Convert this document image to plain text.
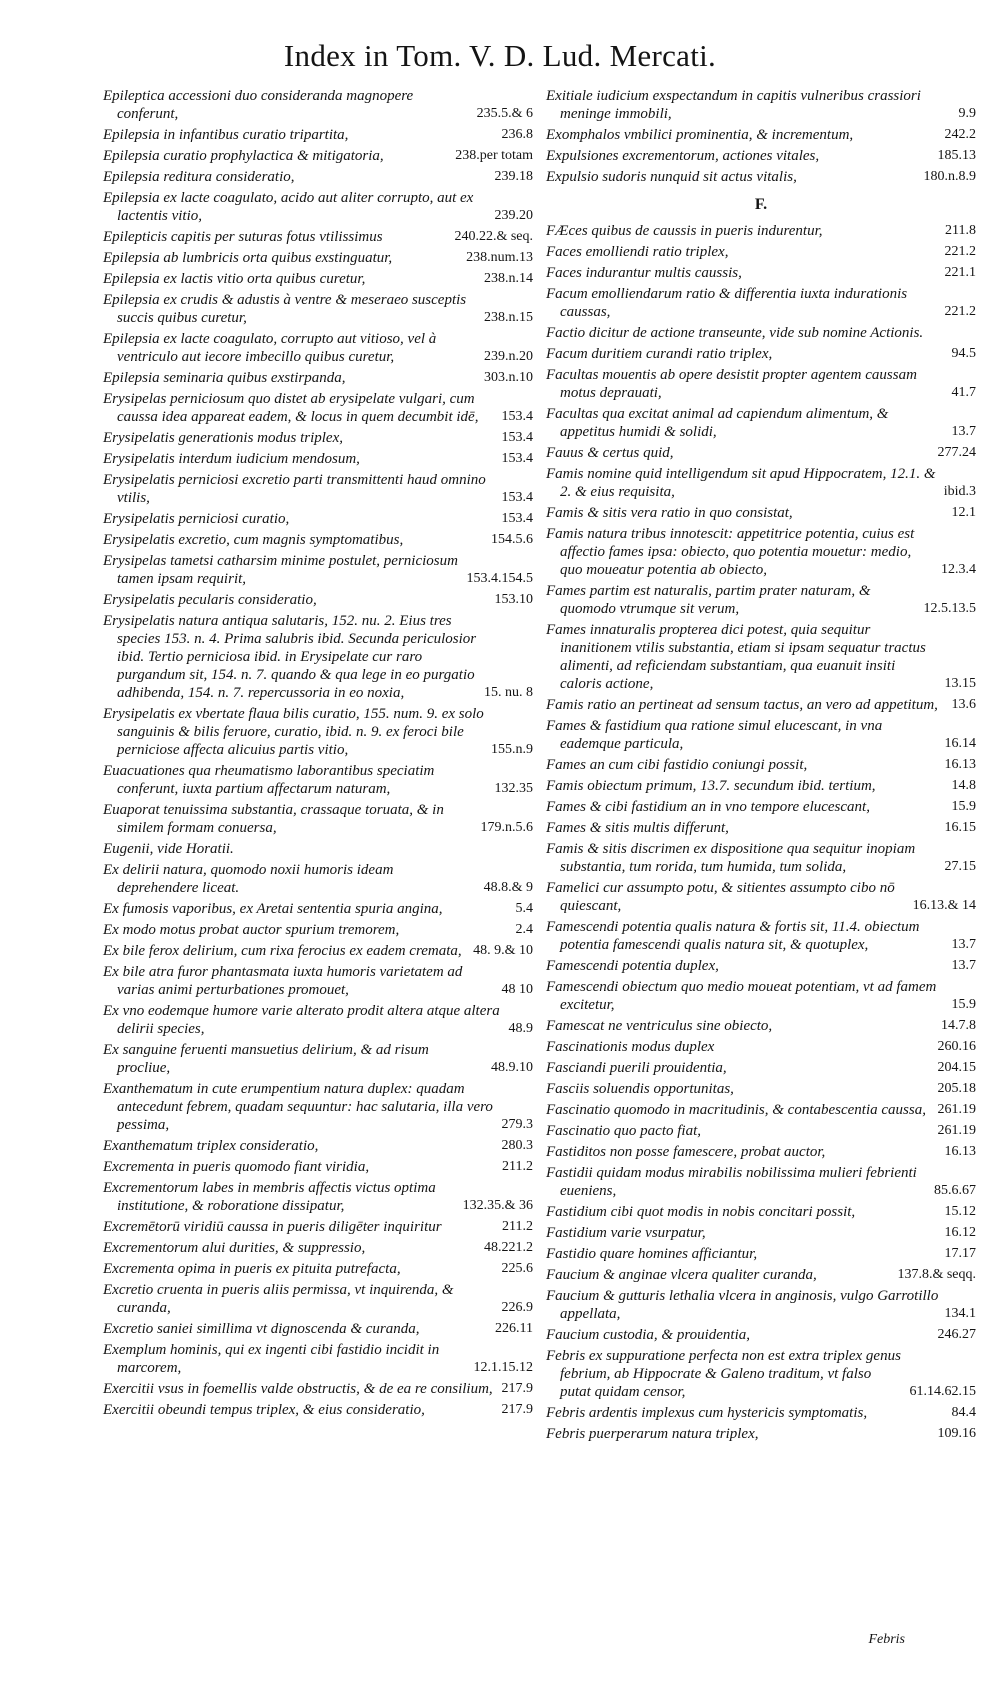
Index in Tom. V. D. Lud. Mercati.
Epileptica accessioni duo consideranda magnopere conferunt,	235.5.& 6
Epilepsia in infantibus curatio tripartita,	236.8
Epilepsia curatio prophylactica & mitigatoria,	238.per totam
Epilepsia reditura consideratio,	239.18
Epilepsia ex lacte coagulato, acido aut aliter corrupto, aut ex lactentis vitio,	239.20
Epilepticis capitis per suturas fotus vtilissimus	240.22.& seq.
Epilepsia ab lumbricis orta quibus exstinguatur,	238.num.13
Epilepsia ex lactis vitio orta quibus curetur,	238.n.14
Epilepsia ex crudis & adustis à ventre & meseraeo susceptis succis quibus curetur,	238.n.15
Epilepsia ex lacte coagulato, corrupto aut vitioso, vel à ventriculo aut iecore imbecillo quibus curetur,	239.n.20
Epilepsia seminaria quibus exstirpanda,	303.n.10
Erysipelas perniciosum quo distet ab erysipelate vulgari, cum caussa idea appareat eadem, & locus in quem decumbit idē,	153.4
Erysipelatis generationis modus triplex,	153.4
Erysipelatis interdum iudicium mendosum,	153.4
Erysipelatis perniciosi excretio parti transmittenti haud omnino vtilis,	153.4
Erysipelatis perniciosi curatio,	153.4
Erysipelatis excretio, cum magnis symptomatibus,	154.5.6
Erysipelas tametsi catharsim minime postulet, perniciosum tamen ipsam requirit,	153.4.154.5
Erysipelatis pecularis consideratio,	153.10
Erysipelatis natura antiqua salutaris, 152. nu. 2. Eius tres species 153. n. 4. Prima salubris ibid. Secunda periculosior ibid. Tertio perniciosa ibid. in Erysipelate cur raro purgandum sit, 154. n. 7. quando & qua lege in eo purgatio adhibenda, 154. n. 7. repercussoria in eo noxia,	15. nu. 8
Erysipelatis ex vbertate flaua bilis curatio, 155. num. 9. ex solo sanguinis & bilis feruore, curatio, ibid. n. 9. ex feroci bile perniciose affecta alicuius partis vitio,	155.n.9
Euacuationes qua rheumatismo laborantibus speciatim conferunt, iuxta partium affectarum naturam,	132.35
Euaporat tenuissima substantia, crassaque toruata, & in similem formam conuersa,	179.n.5.6
Eugenii, vide Horatii.
Ex delirii natura, quomodo noxii humoris ideam deprehendere liceat.	48.8.& 9
Ex fumosis vaporibus, ex Aretai sententia spuria angina,	5.4
Ex modo motus probat auctor spurium tremorem,	2.4
Ex bile ferox delirium, cum rixa ferocius ex eadem cremata, 48. 9.& 10
Ex bile atra furor phantasmata iuxta humoris varietatem ad varias animi perturbationes promouet,	48 10
Ex vno eodemque humore varie alterato prodit altera atque altera delirii species,	48.9
Ex sanguine feruenti mansuetius delirium, & ad risum procliue,	48.9.10
Exanthematum in cute erumpentium natura duplex: quadam antecedunt febrem, quadam sequuntur: hac salutaria, illa vero pessima,	279.3
Exanthematum triplex consideratio,	280.3
Excrementa in pueris quomodo fiant viridia,	211.2
Excrementorum labes in membris affectis victus optima institutione, & roboratione dissipatur,	132.35.& 36
Excremētorū viridiū caussa in pueris diligēter inquiritur	211.2
Excrementorum alui durities, & suppressio,	48.221.2
Excrementa opima in pueris ex pituita putrefacta,	225.6
Excretio cruenta in pueris aliis permissa, vt inquirenda, & curanda,	226.9
Excretio saniei simillima vt dignoscenda & curanda,	226.11
Exemplum hominis, qui ex ingenti cibi fastidio incidit in marcorem,	12.1.15.12
Exercitii vsus in foemellis valde obstructis, & de ea re consilium, 217.9
Exercitii obeundi tempus triplex, & eius consideratio,	217.9
Exitiale iudicium exspectandum in capitis vulneribus crassiori meninge immobili,	9.9
Exomphalos vmbilici prominentia, & incrementum,	242.2
Expulsiones excrementorum, actiones vitales,	185.13
Expulsio sudoris nunquid sit actus vitalis,	180.n.8.9
F.
FÆces quibus de caussis in pueris indurentur,	211.8
Faces emolliendi ratio triplex,	221.2
Faces indurantur multis caussis,	221.1
Facum emolliendarum ratio & differentia iuxta indurationis caussas,	221.2
Factio dicitur de actione transeunte, vide sub nomine Actionis.
Facum duritiem curandi ratio triplex,	94.5
Facultas mouentis ab opere desistit propter agentem caussam motus deprauati,	41.7
Facultas qua excitat animal ad capiendum alimentum, & appetitus humidi & solidi,	13.7
Fauus & certus quid,	277.24
Famis nomine quid intelligendum sit apud Hippocratem, 12.1. & 2. & eius requisita,	ibid.3
Famis & sitis vera ratio in quo consistat,	12.1
Famis natura tribus innotescit: appetitrice potentia, cuius est affectio fames ipsa: obiecto, quo potentia mouetur: medio, quo moueatur potentia ab obiecto,	12.3.4
Fames partim est naturalis, partim prater naturam, & quomodo vtrumque sit verum,	12.5.13.5
Fames innaturalis propterea dici potest, quia sequitur inanitionem vtilis substantia, etiam si ipsam sequatur tractus alimenti, ad reficiendam substantiam, qua euanuit insiti caloris actione,	13.15
Famis ratio an pertineat ad sensum tactus, an vero ad appetitum, 13.6
Fames & fastidium qua ratione simul elucescant, in vna eademque particula,	16.14
Fames an cum cibi fastidio coniungi possit,	16.13
Famis obiectum primum, 13.7. secundum ibid. tertium,	14.8
Fames & cibi fastidium an in vno tempore elucescant,	15.9
Fames & sitis multis differunt,	16.15
Famis & sitis discrimen ex dispositione qua sequitur inopiam substantia, tum rorida, tum humida, tum solida,	27.15
Famelici cur assumpto potu, & sitientes assumpto cibo nō quiescant,	16.13.& 14
Famescendi potentia qualis natura & fortis sit, 11.4. obiectum potentia famescendi qualis natura sit, & quotuplex,	13.7
Famescendi potentia duplex,	13.7
Famescendi obiectum quo medio moueat potentiam, vt ad famem excitetur,	15.9
Famescat ne ventriculus sine obiecto,	14.7.8
Fascinationis modus duplex	260.16
Fasciandi puerili prouidentia,	204.15
Fasciis soluendis opportunitas,	205.18
Fascinatio quomodo in macritudinis, & contabescentia caussa, 261.19
Fascinatio quo pacto fiat,	261.19
Fastiditos non posse famescere, probat auctor,	16.13
Fastidii quidam modus mirabilis nobilissima mulieri febrienti eueniens,	85.6.67
Fastidium cibi quot modis in nobis concitari possit,	15.12
Fastidium varie vsurpatur,	16.12
Fastidio quare homines afficiantur,	17.17
Faucium & anginae vlcera qualiter curanda,	137.8.& seqq.
Faucium & gutturis lethalia vlcera in anginosis, vulgo Garrotillo appellata,	134.1
Faucium custodia, & prouidentia,	246.27
Febris ex suppuratione perfecta non est extra triplex genus febrium, ab Hippocrate & Galeno traditum, vt falso putat quidam censor,	61.14.62.15
Febris ardentis implexus cum hystericis symptomatis,	84.4
Febris puerperarum natura triplex,	109.16
Febris
